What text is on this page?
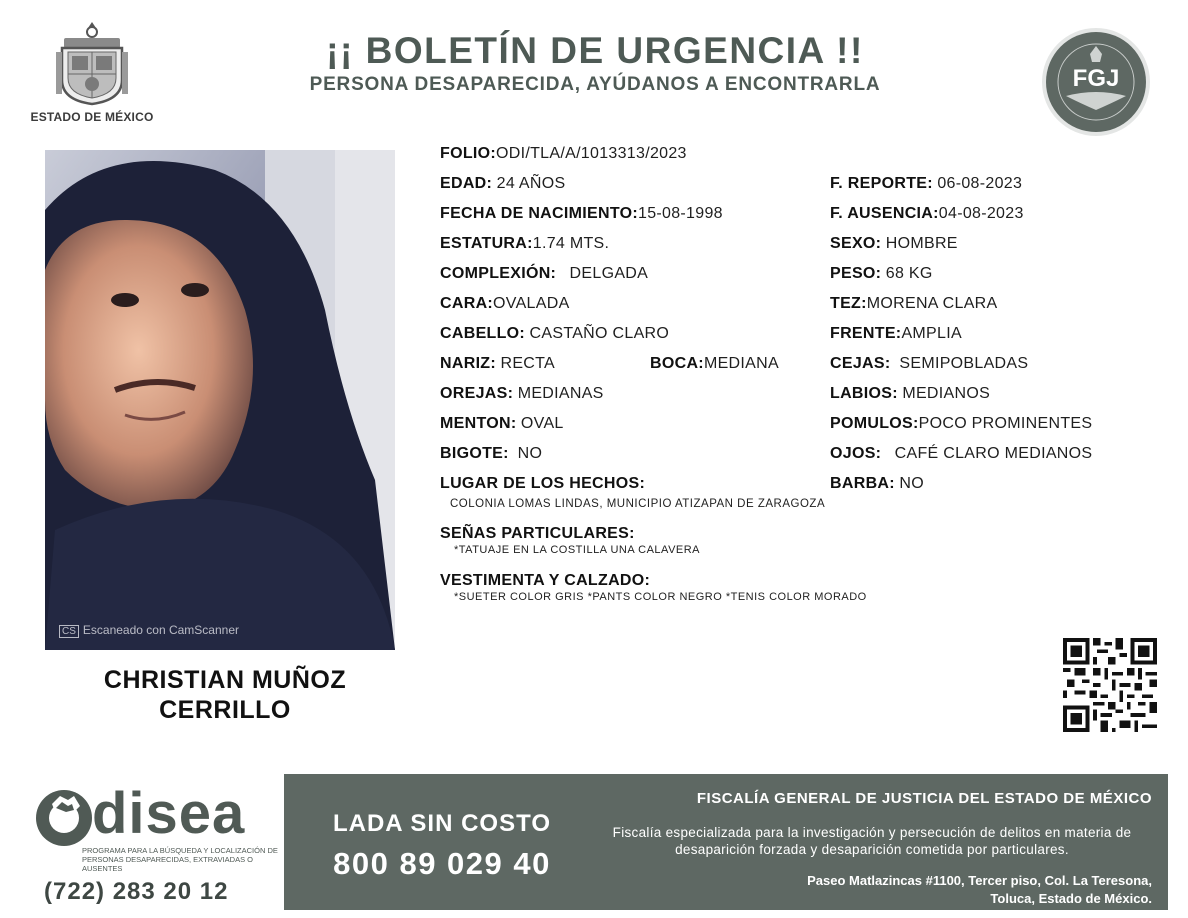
ESTADO DE MÉXICO
¡¡ BOLETÍN DE URGENCIA !!
PERSONA DESAPARECIDA, AYÚDANOS A ENCONTRARLA	FGJ
CS Escaneado con CamScanner
CHRISTIAN MUÑOZ
CERRILLO
FOLIO:ODI/TLA/A/1013313/2023
EDAD: 24 AÑOS	F. REPORTE: 06-08-2023
FECHA DE NACIMIENTO:15-08-1998	F. AUSENCIA:04-08-2023
ESTATURA:1.74 MTS.	SEXO: HOMBRE
COMPLEXIÓN: DELGADA	PESO: 68 KG
CARA:OVALADA	TEZ:MORENA CLARA
CABELLO: CASTAÑO CLARO	FRENTE:AMPLIA
NARIZ: RECTA	BOCA:MEDIANA	CEJAS: SEMIPOBLADAS
OREJAS: MEDIANAS	LABIOS: MEDIANOS
MENTON: OVAL	POMULOS:POCO PROMINENTES
BIGOTE: NO	OJOS: CAFÉ CLARO MEDIANOS
LUGAR DE LOS HECHOS:	BARBA: NO
COLONIA LOMAS LINDAS, MUNICIPIO ATIZAPAN DE ZARAGOZA
SEÑAS PARTICULARES:
*TATUAJE EN LA COSTILLA UNA CALAVERA
VESTIMENTA Y CALZADO:
*SUETER COLOR GRIS *PANTS COLOR NEGRO *TENIS COLOR MORADO
disea
PROGRAMA PARA LA BÚSQUEDA Y LOCALIZACIÓN DE PERSONAS DESAPARECIDAS, EXTRAVIADAS O AUSENTES
(722) 283 20 12
LADA SIN COSTO
800 89 029 40
FISCALÍA GENERAL DE JUSTICIA DEL ESTADO DE MÉXICO
Fiscalía especializada para la investigación y persecución de delitos en materia de desaparición forzada y desaparición cometida por particulares.
Paseo Matlazincas #1100, Tercer piso, Col. La Teresona,
Toluca, Estado de México.
